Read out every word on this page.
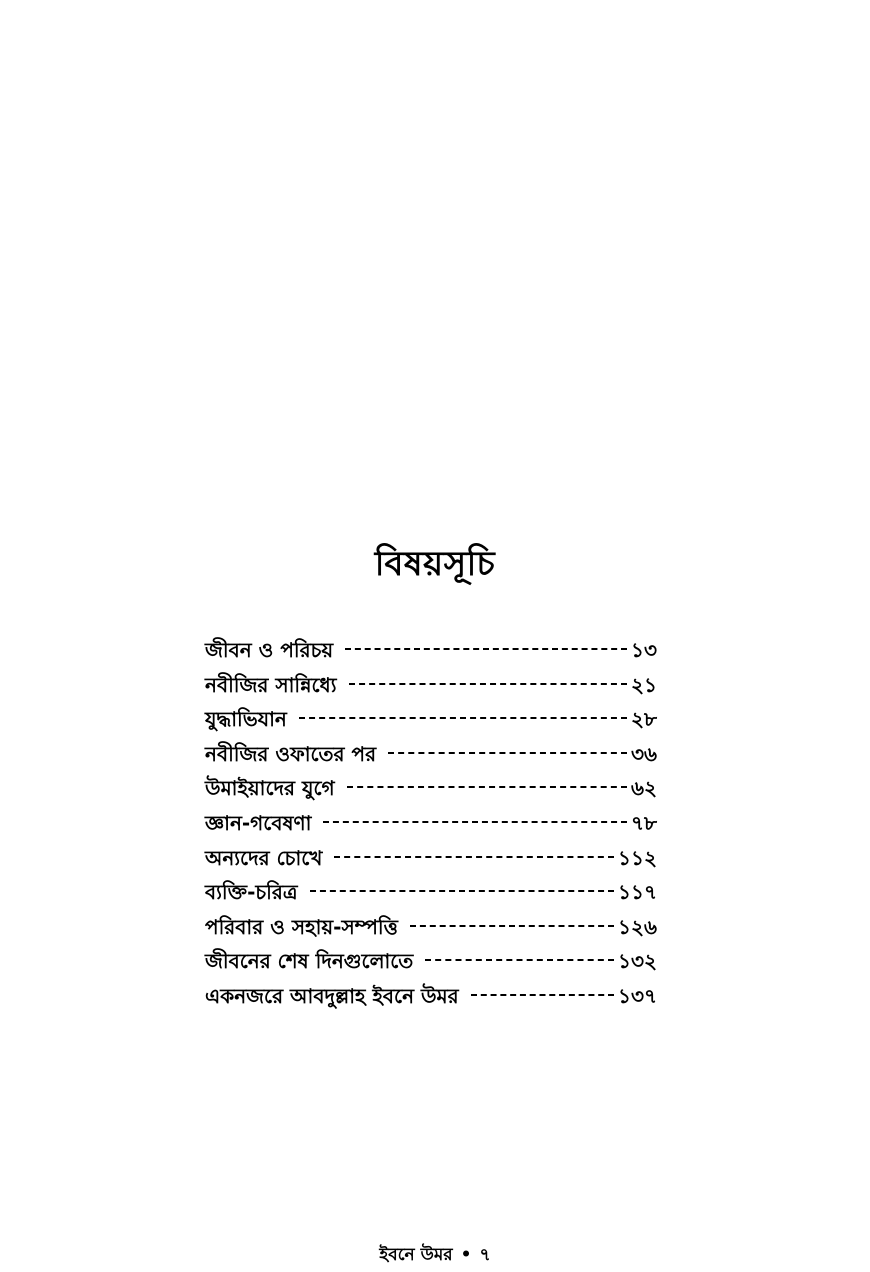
বিষয়সূচি
জীবন ও পরিচয়	১৩
নবীজির সান্নিধ্যে	২১
যুদ্ধাভিযান	২৮
নবীজির ওফাতের পর	৩৬
উমাইয়াদের যুগে	৬২
জ্ঞান-গবেষণা	৭৮
অন্যদের চোখে	১১২
ব্যক্তি-চরিত্র	১১৭
পরিবার ও সহায়-সম্পত্তি	১২৬
জীবনের শেষ দিনগুলোতে	১৩২
একনজরে আবদুল্লাহ ইবনে উমর	১৩৭
ইবনে উমর • ৭
